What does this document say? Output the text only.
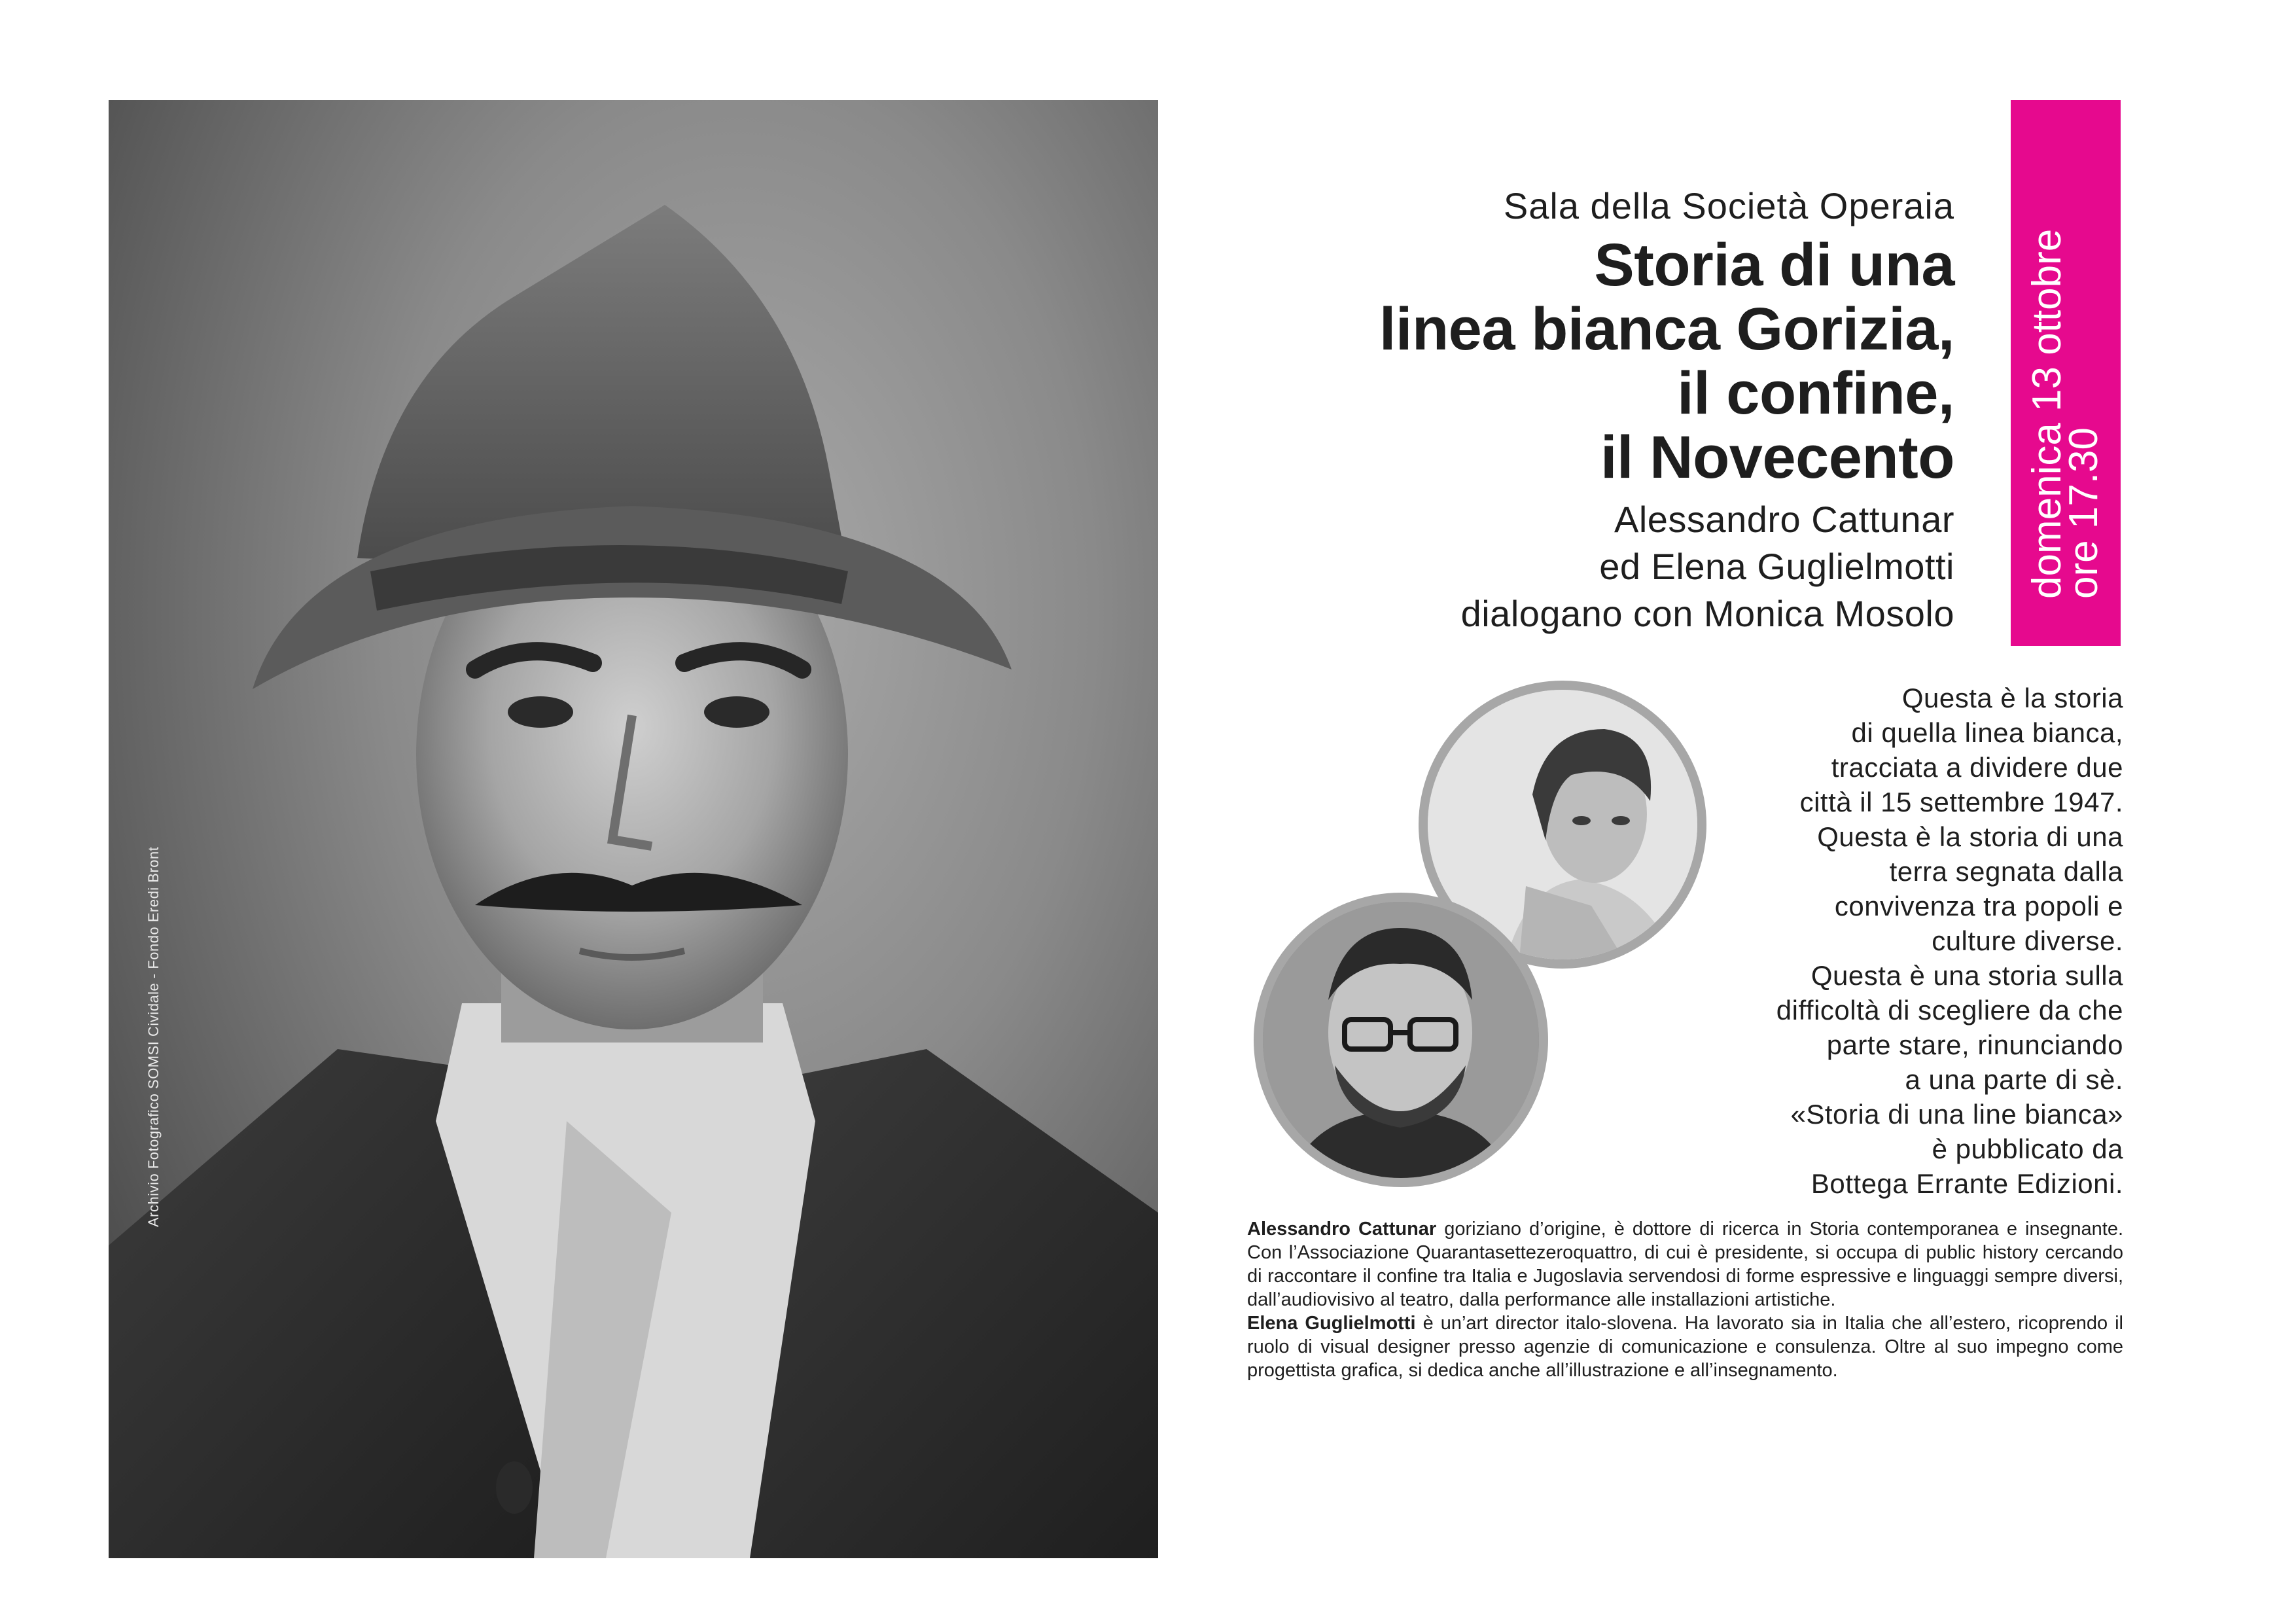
Archivio Fotografico SOMSI Cividale - Fondo Eredi Bront
domenica 13 ottobre
ore 17.30
Sala della Società Operaia
Storia di una
linea bianca Gorizia,
il confine,
il Novecento
Alessandro Cattunar
ed Elena Guglielmotti
dialogano con Monica Mosolo
Questa è la storia
di quella linea bianca,
tracciata a dividere due
città il 15 settembre 1947.
Questa è la storia di una
terra segnata dalla
convivenza tra popoli e
culture diverse.
Questa è una storia sulla
difficoltà di scegliere da che
parte stare, rinunciando
a una parte di sè.
«Storia di una line bianca»
è pubblicato da
Bottega Errante Edizioni.

Alessandro Cattunar goriziano d’origine, è dottore di ricerca in Storia contemporanea e insegnante. Con l’Associazione Quarantasettezeroquattro, di cui è presidente, si occupa di public history cercando di raccontare il confine tra Italia e Jugoslavia servendosi di forme espressive e linguaggi sempre diversi, dall’audiovisivo al teatro, dalla performance alle installazioni artistiche.

Elena Guglielmotti è un’art director italo-slovena. Ha lavorato sia in Italia che all’estero, ricoprendo il ruolo di visual designer presso agenzie di comunicazione e consulenza. Oltre al suo impegno come progettista grafica, si dedica anche all’illustrazione e all’insegnamento.
